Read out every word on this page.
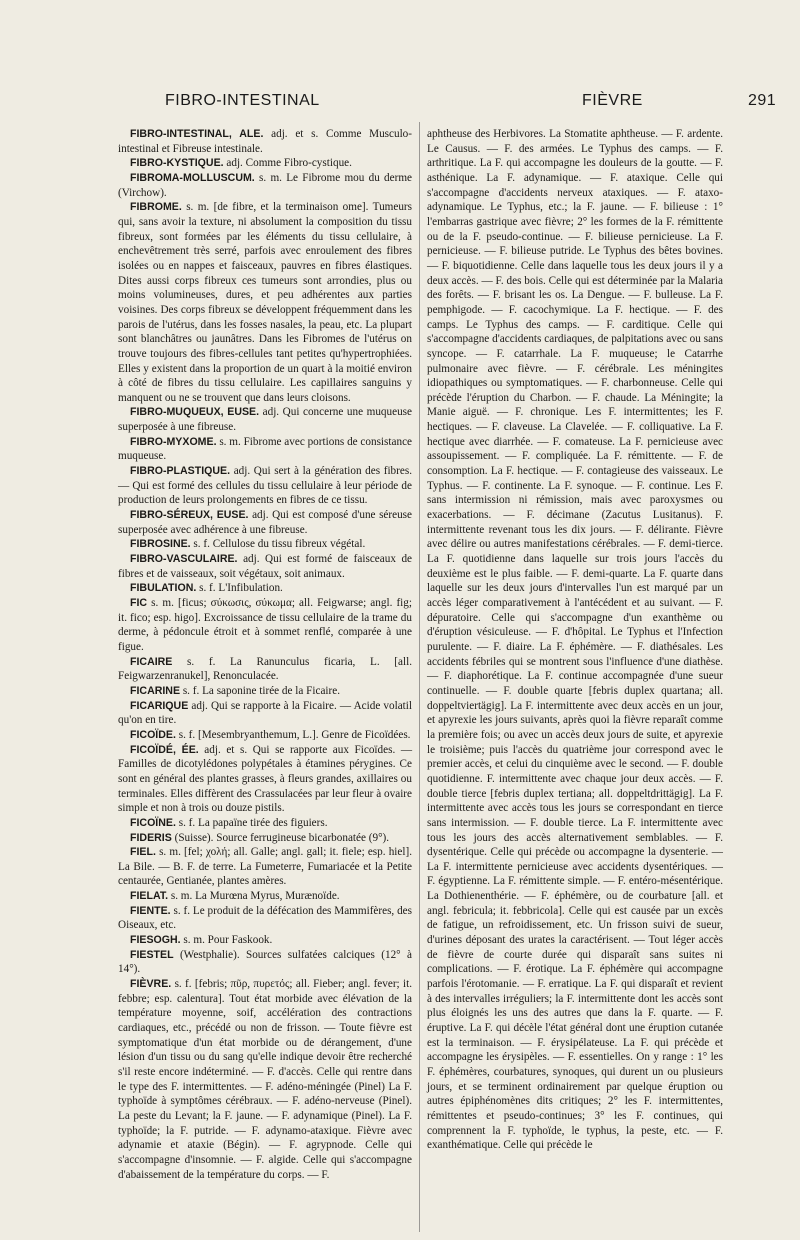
FIBRO-INTESTINAL	FIÈVRE	291

FIBRO-INTESTINAL, ALE. adj. et s. Comme Musculo-intestinal et Fibreuse intestinale.

FIBRO-KYSTIQUE. adj. Comme Fibro-cystique.

FIBROMA-MOLLUSCUM. s. m. Le Fibrome mou du derme (Virchow).

FIBROME. s. m. [de fibre, et la terminaison ome]. Tumeurs qui, sans avoir la texture, ni absolument la composition du tissu fibreux, sont formées par les éléments du tissu cellulaire, à enchevêtrement très serré, parfois avec enroulement des fibres isolées ou en nappes et faisceaux, pauvres en fibres élastiques. Dites aussi corps fibreux ces tumeurs sont arrondies, plus ou moins volumineuses, dures, et peu adhérentes aux parties voisines. Des corps fibreux se développent fréquemment dans les parois de l'utérus, dans les fosses nasales, la peau, etc. La plupart sont blanchâtres ou jaunâtres. Dans les Fibromes de l'utérus on trouve toujours des fibres-cellules tant petites qu'hypertrophiées. Elles y existent dans la proportion de un quart à la moitié environ à côté de fibres du tissu cellulaire. Les capillaires sanguins y manquent ou ne se trouvent que dans leurs cloisons.

FIBRO-MUQUEUX, EUSE. adj. Qui concerne une muqueuse superposée à une fibreuse.

FIBRO-MYXOME. s. m. Fibrome avec portions de consistance muqueuse.

FIBRO-PLASTIQUE. adj. Qui sert à la génération des fibres. — Qui est formé des cellules du tissu cellulaire à leur période de production de leurs prolongements en fibres de ce tissu.

FIBRO-SÉREUX, EUSE. adj. Qui est composé d'une séreuse superposée avec adhérence à une fibreuse.

FIBROSINE. s. f. Cellulose du tissu fibreux végétal.

FIBRO-VASCULAIRE. adj. Qui est formé de faisceaux de fibres et de vaisseaux, soit végétaux, soit animaux.

FIBULATION. s. f. L'Infibulation.

FIC s. m. [ficus; σύκωσις, σύκωμα; all. Feigwarse; angl. fig; it. fico; esp. higo]. Excroissance de tissu cellulaire de la trame du derme, à pédoncule étroit et à sommet renflé, comparée à une figue.

FICAIRE s. f. La Ranunculus ficaria, L. [all. Feigwarzenranukel], Renonculacée.

FICARINE s. f. La saponine tirée de la Ficaire.

FICARIQUE adj. Qui se rapporte à la Ficaire. — Acide volatil qu'on en tire.

FICOÏDE. s. f. [Mesembryanthemum, L.]. Genre de Ficoïdées.

FICOÏDÉ, ÉE. adj. et s. Qui se rapporte aux Ficoïdes. — Familles de dicotylédones polypétales à étamines pérygines. Ce sont en général des plantes grasses, à fleurs grandes, axillaires ou terminales. Elles diffèrent des Crassulacées par leur fleur à ovaire simple et non à trois ou douze pistils.

FICOÏNE. s. f. La papaïne tirée des figuiers.

FIDERIS (Suisse). Source ferrugineuse bicarbonatée (9°).

FIEL. s. m. [fel; χολή; all. Galle; angl. gall; it. fiele; esp. hiel]. La Bile. — B. F. de terre. La Fumeterre, Fumariacée et la Petite centaurée, Gentianée, plantes amères.

FIELAT. s. m. La Murœna Myrus, Murænoïde.

FIENTE. s. f. Le produit de la défécation des Mammifères, des Oiseaux, etc.

FIESOGH. s. m. Pour Faskook.

FIESTEL (Westphalie). Sources sulfatées calciques (12° à 14°).

FIÈVRE. s. f. [febris; πῦρ, πυρετός; all. Fieber; angl. fever; it. febbre; esp. calentura]. Tout état morbide avec élévation de la température moyenne, soif, accélération des contractions cardiaques, etc., précédé ou non de frisson. — Toute fièvre est symptomatique d'un état morbide ou de dérangement, d'une lésion d'un tissu ou du sang qu'elle indique devoir être recherché s'il reste encore indéterminé. — F. d'accès. Celle qui rentre dans le type des F. intermittentes. — F. adéno-méningée (Pinel) La F. typhoïde à symptômes cérébraux. — F. adéno-nerveuse (Pinel). La peste du Levant; la F. jaune. — F. adynamique (Pinel). La F. typhoïde; la F. putride. — F. adynamo-ataxique. Fièvre avec adynamie et ataxie (Bégin). — F. agrypnode. Celle qui s'accompagne d'insomnie. — F. algide. Celle qui s'accompagne d'abaissement de la température du corps. — F.

aphtheuse des Herbivores. La Stomatite aphtheuse. — F. ardente. Le Causus. — F. des armées. Le Typhus des camps. — F. arthritique. La F. qui accompagne les douleurs de la goutte. — F. asthénique. La F. adynamique. — F. ataxique. Celle qui s'accompagne d'accidents nerveux ataxiques. — F. ataxo-adynamique. Le Typhus, etc.; la F. jaune. — F. bilieuse : 1° l'embarras gastrique avec fièvre; 2° les formes de la F. rémittente ou de la F. pseudo-continue. — F. bilieuse pernicieuse. La F. pernicieuse. — F. bilieuse putride. Le Typhus des bêtes bovines. — F. biquotidienne. Celle dans laquelle tous les deux jours il y a deux accès. — F. des bois. Celle qui est déterminée par la Malaria des forêts. — F. brisant les os. La Dengue. — F. bulleuse. La F. pemphigode. — F. cacochymique. La F. hectique. — F. des camps. Le Typhus des camps. — F. carditique. Celle qui s'accompagne d'accidents cardiaques, de palpitations avec ou sans syncope. — F. catarrhale. La F. muqueuse; le Catarrhe pulmonaire avec fièvre. — F. cérébrale. Les méningites idiopathiques ou symptomatiques. — F. charbonneuse. Celle qui précède l'éruption du Charbon. — F. chaude. La Méningite; la Manie aiguë. — F. chronique. Les F. intermittentes; les F. hectiques. — F. claveuse. La Clavelée. — F. colliquative. La F. hectique avec diarrhée. — F. comateuse. La F. pernicieuse avec assoupissement. — F. compliquée. La F. rémittente. — F. de consomption. La F. hectique. — F. contagieuse des vaisseaux. Le Typhus. — F. continente. La F. synoque. — F. continue. Les F. sans intermission ni rémission, mais avec paroxysmes ou exacerbations. — F. décimane (Zacutus Lusitanus). F. intermittente revenant tous les dix jours. — F. délirante. Fièvre avec délire ou autres manifestations cérébrales. — F. demi-tierce. La F. quotidienne dans laquelle sur trois jours l'accès du deuxième est le plus faible. — F. demi-quarte. La F. quarte dans laquelle sur les deux jours d'intervalles l'un est marqué par un accès léger comparativement à l'antécédent et au suivant. — F. dépuratoire. Celle qui s'accompagne d'un exanthème ou d'éruption vésiculeuse. — F. d'hôpital. Le Typhus et l'Infection purulente. — F. diaire. La F. éphémère. — F. diathésales. Les accidents fébriles qui se montrent sous l'influence d'une diathèse. — F. diaphorétique. La F. continue accompagnée d'une sueur continuelle. — F. double quarte [febris duplex quartana; all. doppeltviertägig]. La F. intermittente avec deux accès en un jour, et apyrexie les jours suivants, après quoi la fièvre reparaît comme la première fois; ou avec un accès deux jours de suite, et apyrexie le troisième; puis l'accès du quatrième jour correspond avec le premier accès, et celui du cinquième avec le second. — F. double quotidienne. F. intermittente avec chaque jour deux accès. — F. double tierce [febris duplex tertiana; all. doppeltdrittägig]. La F. intermittente avec accès tous les jours se correspondant en tierce sans intermission. — F. double tierce. La F. intermittente avec tous les jours des accès alternativement semblables. — F. dysentérique. Celle qui précède ou accompagne la dysenterie. — La F. intermittente pernicieuse avec accidents dysentériques. — F. égyptienne. La F. rémittente simple. — F. entéro-mésentérique. La Dothienenthérie. — F. éphémère, ou de courbature [all. et angl. febricula; it. febbricola]. Celle qui est causée par un excès de fatigue, un refroidissement, etc. Un frisson suivi de sueur, d'urines déposant des urates la caractérisent. — Tout léger accès de fièvre de courte durée qui disparaît sans suites ni complications. — F. érotique. La F. éphémère qui accompagne parfois l'érotomanie. — F. erratique. La F. qui disparaît et revient à des intervalles irréguliers; la F. intermittente dont les accès sont plus éloignés les uns des autres que dans la F. quarte. — F. éruptive. La F. qui décèle l'état général dont une éruption cutanée est la terminaison. — F. érysipélateuse. La F. qui précède et accompagne les érysipèles. — F. essentielles. On y range : 1° les F. éphémères, courbatures, synoques, qui durent un ou plusieurs jours, et se terminent ordinairement par quelque éruption ou autres épiphénomènes dits critiques; 2° les F. intermittentes, rémittentes et pseudo-continues; 3° les F. continues, qui comprennent la F. typhoïde, le typhus, la peste, etc. — F. exanthématique. Celle qui précède le
